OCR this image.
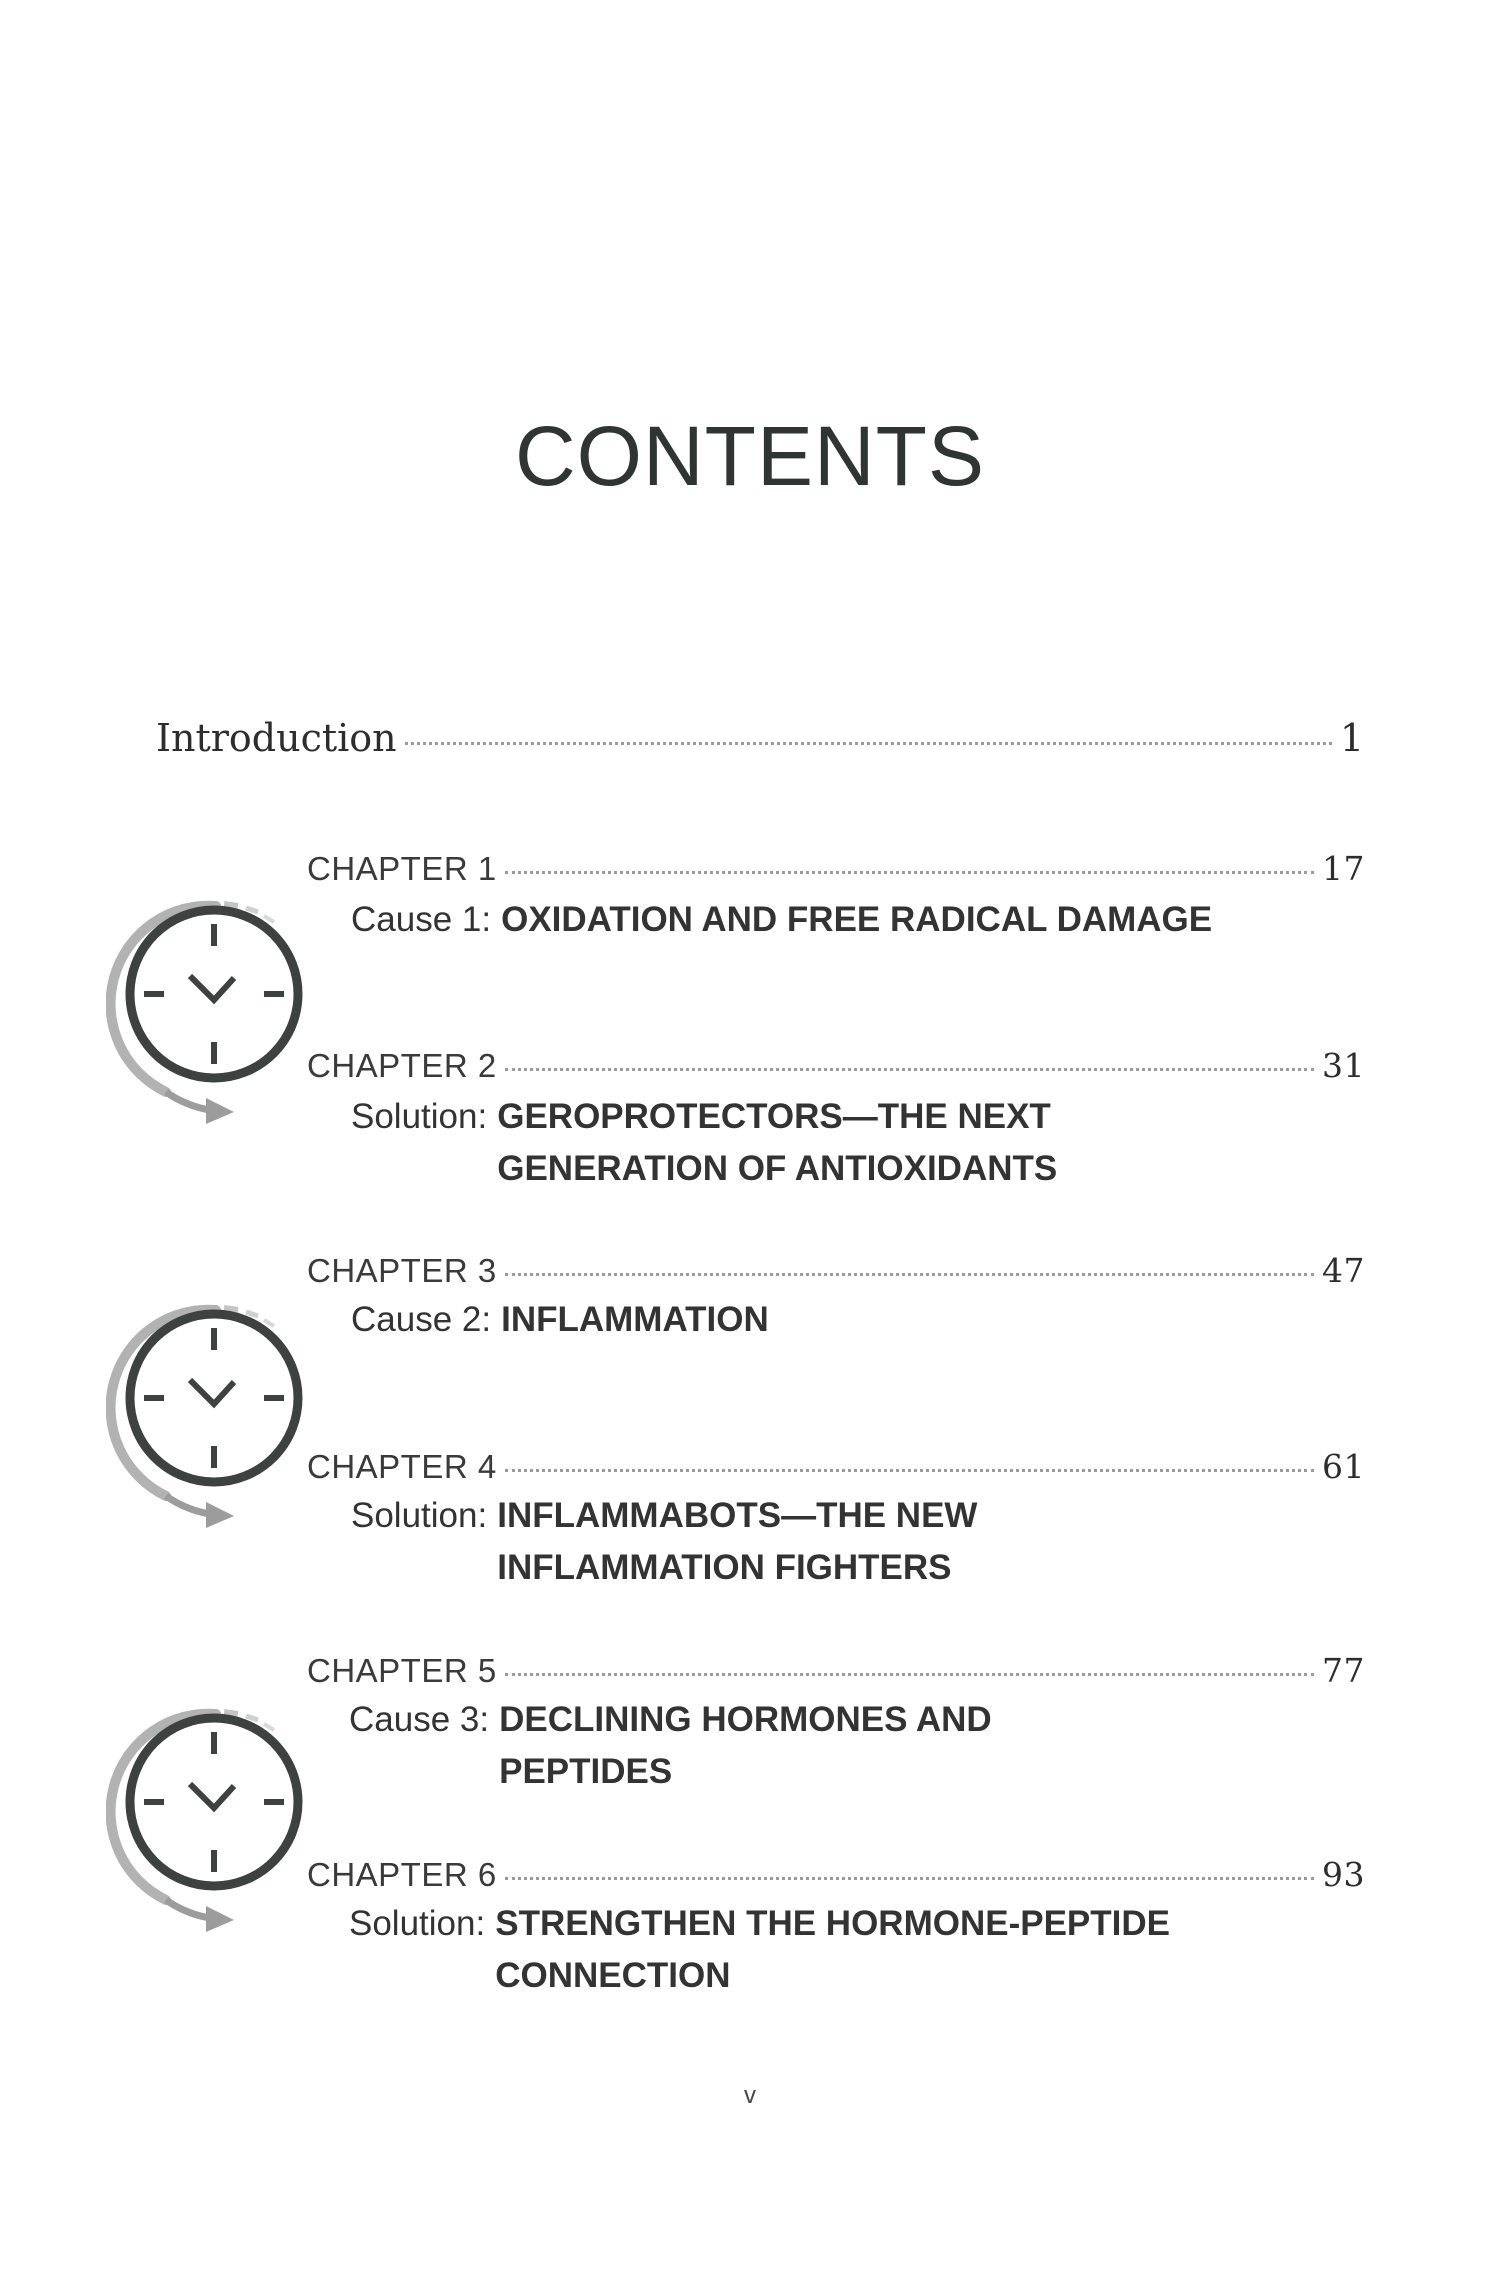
CONTENTS
Introduction	1
CHAPTER 1	17
Cause 1: OXIDATION AND FREE RADICAL DAMAGE
CHAPTER 2	31
Solution: GEROPROTECTORS—THE NEXT
GENERATION OF ANTIOXIDANTS
CHAPTER 3	47
Cause 2: INFLAMMATION
CHAPTER 4	61
Solution: INFLAMMABOTS—THE NEW
INFLAMMATION FIGHTERS
CHAPTER 5	77
Cause 3: DECLINING HORMONES AND
PEPTIDES
CHAPTER 6	93
Solution: STRENGTHEN THE HORMONE-PEPTIDE
CONNECTION
v
